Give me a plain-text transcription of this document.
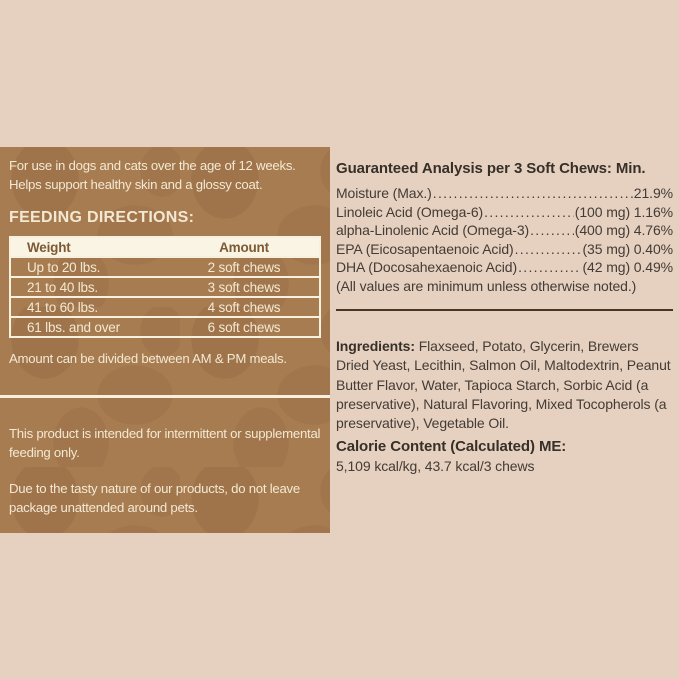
For use in dogs and cats over the age of 12 weeks. Helps support healthy skin and a glossy coat.

FEEDING DIRECTIONS:
Weight	Amount
Up to 20 lbs.	2 soft chews
21 to 40 lbs.	3 soft chews
41 to 60 lbs.	4 soft chews
61 lbs. and over	6 soft chews

Amount can be divided between AM & PM meals.

This product is intended for intermittent or supplemental feeding only.

Due to the tasty nature of our products, do not leave package unattended around pets.

Guaranteed Analysis per 3 Soft Chews: Min.
Moisture (Max.) .....	21.9%
Linoleic Acid (Omega-6) .....	(100 mg) 1.16%
alpha-Linolenic Acid (Omega-3) .....	(400 mg) 4.76%
EPA (Eicosapentaenoic Acid) .....	(35 mg) 0.40%
DHA (Docosahexaenoic Acid) .....	(42 mg) 0.49%

(All values are minimum unless otherwise noted.)

Ingredients: Flaxseed, Potato, Glycerin, Brewers Dried Yeast, Lecithin, Salmon Oil, Maltodextrin, Peanut Butter Flavor, Water, Tapioca Starch, Sorbic Acid (a preservative), Natural Flavoring, Mixed Tocopherols (a preservative), Vegetable Oil.

Calorie Content (Calculated) ME:

5,109 kcal/kg, 43.7 kcal/3 chews
